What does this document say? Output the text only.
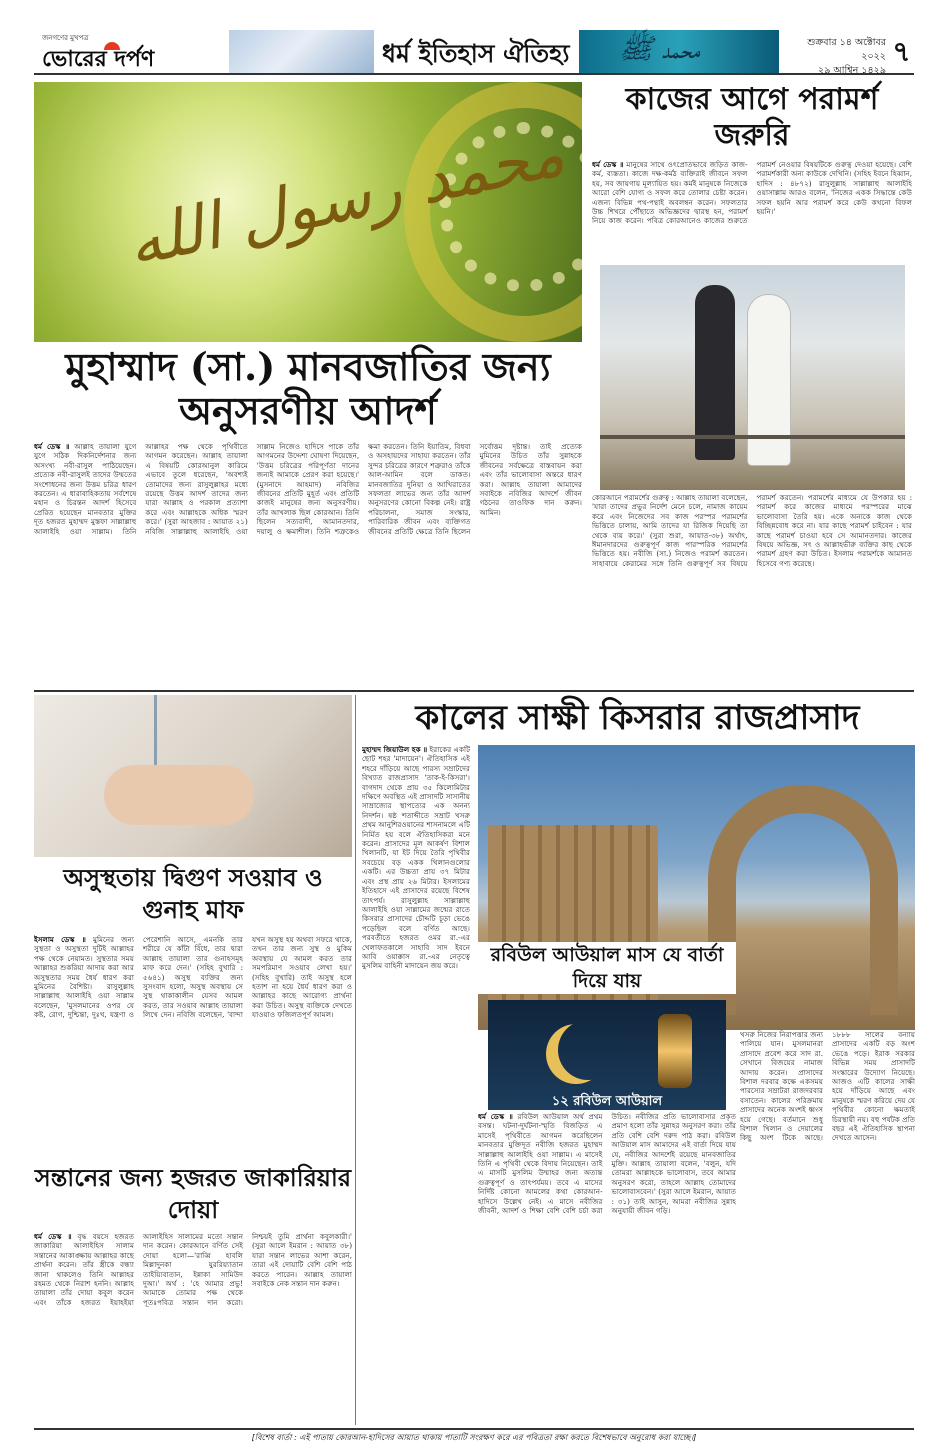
জনগণের মুখপত্র
ভোরের দর্পণ	ধর্ম ইতিহাস ঐতিহ্য محمد ﷺ	শুক্রবার ১৪ অক্টোবর ২০২২
২৯ আশ্বিন ১৪২৯
৭
محمد رسول الله
মুহাম্মাদ (সা.) মানবজাতির জন্য অনুসরণীয় আদর্শ
ধর্ম ডেস্ক ॥ আল্লাহ তায়ালা যুগে যুগে সঠিক দিকনির্দেশনার জন্য অসংখ্য নবী-রাসুল পাঠিয়েছেন। প্রত্যেক নবী-রাসুলই তাদের উম্মতের সংশোধনের জন্য উত্তম চরিত্র ধারণ করতেন। এ ধারাবাহিকতায় সর্বশেষে মহান ও চিরন্তন আদর্শ হিসেবে প্রেরিত হয়েছেন মানবতার মুক্তির দূত হজরত মুহাম্মদ মুস্তফা সাল্লাল্লাহু আলাইহি ওয়া সাল্লাম। তিনি আল্লাহর পক্ষ থেকে পৃথিবীতে আগমন করেছেন। আল্লাহ তায়ালা এ বিষয়টি কোরআনুল কারিমে এভাবে তুলে ধরেছেন, 'অবশ্যই তোমাদের জন্য রাসুলুল্লাহর মধ্যে রয়েছে উত্তম আদর্শ তাদের জন্য যারা আল্লাহ ও পরকাল প্রত্যাশা করে এবং আল্লাহকে অধিক স্মরণ করে।' (সুরা আহজাব : আয়াত ২১) নবিজি সাল্লাল্লাহু আলাইহি ওয়া সাল্লাম নিজেও হাদিসে পাকে তাঁর আগমনের উদ্দেশ্য ঘোষণা দিয়েছেন, 'উত্তম চরিত্রের পরিপূর্ণতা দানের জন্যই আমাকে প্রেরণ করা হয়েছে।' (মুসনাদে আহমাদ) নবিজির জীবনের প্রতিটি মুহূর্ত এবং প্রতিটি কাজই মানুষের জন্য অনুসরণীয়। তাঁর আখলাক ছিল কোরআন। তিনি ছিলেন সত্যবাদী, আমানতদার, দয়ালু ও ক্ষমাশীল। তিনি শত্রুকেও ক্ষমা করতেন। তিনি ইয়াতিম, বিধবা ও অসহায়দের সাহায্য করতেন। তাঁর সুন্দর চরিত্রের কারণে শত্রুরাও তাঁকে আল-আমিন বলে ডাকত। মানবজাতির দুনিয়া ও আখিরাতের সফলতা লাভের জন্য তাঁর আদর্শ অনুসরণের কোনো বিকল্প নেই। রাষ্ট্র পরিচালনা, সমাজ সংস্কার, পারিবারিক জীবন এবং ব্যক্তিগত জীবনের প্রতিটি ক্ষেত্রে তিনি ছিলেন সর্বোত্তম দৃষ্টান্ত। তাই প্রত্যেক মুমিনের উচিত তাঁর সুন্নাহকে জীবনের সর্বক্ষেত্রে বাস্তবায়ন করা এবং তাঁর ভালোবাসা অন্তরে ধারণ করা। আল্লাহ তায়ালা আমাদের সবাইকে নবিজির আদর্শে জীবন গঠনের তাওফিক দান করুন। আমিন।
কাজের আগে পরামর্শ জরুরি
ধর্ম ডেস্ক ॥ মানুষের সাথে ওৎপ্রোতভাবে জড়িত কাজ-কর্ম, ব্যস্ততা। কাজে দক্ষ-কর্মঠ ব্যক্তিরাই জীবনে সফল হয়, সব জায়গায় মূল্যায়িত হয়। কর্মই মানুষকে নিজেকে আরো বেশি যোগ্য ও সফল করে তোলার চেষ্টা করেন। এজন্য বিভিন্ন পথ-পন্থাই অবলম্বন করেন। সফলতার উচ্চ শিখরে পৌঁছাতে অভিজ্ঞদের দ্বারস্থ হন, পরামর্শ নিয়ে কাজ করেন। পবিত্র কোরআনেও কাজের শুরুতে পরামর্শ নেওয়ার বিষয়টিকে গুরুত্ব দেওয়া হয়েছে। বেশি পরামর্শকারী অন্য কাউকে দেখিনি। (সহিহ ইবনে হিব্বান, হাদিস : ৪৮৭২) রাসুলুল্লাহ সাল্লাল্লাহু আলাইহি ওয়াসাল্লাম আরও বলেন, 'নিজের একক সিদ্ধান্তে কেউ সফল হয়নি আর পরামর্শ করে কেউ কখনো বিফল হয়নি।'
কোরআনে পরামর্শের গুরুত্ব : আল্লাহ তায়ালা বলেছেন, 'যারা তাদের প্রভুর নির্দেশ মেনে চলে, নামাজ কায়েম করে এবং নিজেদের সব কাজ পরস্পর পরামর্শের ভিত্তিতে চালায়, আমি তাদের যা রিজিক দিয়েছি তা থেকে ব্যয় করে।' (সুরা শুরা, আয়াত-৩৮) অর্থাৎ, ঈমানদারদের গুরুত্বপূর্ণ কাজ পারস্পরিক পরামর্শের ভিত্তিতে হয়। নবীজি (সা.) নিজেও পরামর্শ করতেন। সাহাবায়ে কেরামের সঙ্গে তিনি গুরুত্বপূর্ণ সব বিষয়ে পরামর্শ করতেন। পরামর্শের মাধ্যমে যে উপকার হয় : পরামর্শ করে কাজের মাধ্যমে পরস্পরের মাঝে ভালোবাসা তৈরি হয়। একে অন্যকে কাজ থেকে বিচ্ছিন্নবোধ করে না। যার কাছে পরামর্শ চাইবেন : যার কাছে পরামর্শ চাওয়া হবে সে আমানতদার। কাজের বিষয়ে অভিজ্ঞ, সৎ ও আল্লাহভীরু ব্যক্তির কাছ থেকে পরামর্শ গ্রহণ করা উচিত। ইসলাম পরামর্শকে আমানত হিসেবে গণ্য করেছে।
অসুস্থতায় দ্বিগুণ সওয়াব ও গুনাহ মাফ
ইসলাম ডেস্ক ॥ মুমিনের জন্য সুস্থতা ও অসুস্থতা দুটিই আল্লাহর পক্ষ থেকে নেয়ামত। সুস্থতার সময় আল্লাহর শুকরিয়া আদায় করা আর অসুস্থতার সময় ধৈর্য ধারণ করা মুমিনের বৈশিষ্ট্য। রাসুলুল্লাহ সাল্লাল্লাহু আলাইহি ওয়া সাল্লাম বলেছেন, 'মুসলমানের ওপর যে কষ্ট, রোগ, দুশ্চিন্তা, দুঃখ, যন্ত্রণা ও পেরেশানি আসে, এমনকি তার শরীরে যে কাঁটা বিঁধে, তার দ্বারা আল্লাহ তায়ালা তার গুনাহসমূহ মাফ করে দেন।' (সহিহ বুখারি : ৫৬৪১) অসুস্থ ব্যক্তির জন্য সুসংবাদ হলো, অসুস্থ অবস্থায় সে সুস্থ থাকাকালীন যেসব আমল করত, তার সওয়াব আল্লাহ তায়ালা লিখে দেন। নবিজি বলেছেন, 'বান্দা যখন অসুস্থ হয় অথবা সফরে থাকে, তখন তার জন্য সুস্থ ও মুকিম অবস্থায় যে আমল করত তার সমপরিমাণ সওয়াব লেখা হয়।' (সহিহ বুখারি) তাই অসুস্থ হলে হতাশ না হয়ে ধৈর্য ধারণ করা ও আল্লাহর কাছে আরোগ্য প্রার্থনা করা উচিত। অসুস্থ ব্যক্তিকে দেখতে যাওয়াও ফজিলতপূর্ণ আমল।
সন্তানের জন্য হজরত জাকারিয়ার দোয়া
ধর্ম ডেস্ক ॥ বৃদ্ধ বয়সে হজরত জাকারিয়া আলাইহিস সালাম সন্তানের আকাঙ্ক্ষায় আল্লাহর কাছে প্রার্থনা করেন। তাঁর স্ত্রীকে বন্ধ্যা জানা থাকলেও তিনি আল্লাহর রহমত থেকে নিরাশ হননি। আল্লাহ তায়ালা তাঁর দোয়া কবুল করেন এবং তাঁকে হজরত ইয়াহইয়া আলাইহিস সালামের মতো সন্তান দান করেন। কোরআনে বর্ণিত সেই দোয়া হলো—'রাব্বি হাবলি মিল্লাদুনকা যুররিয়্যাতান তাইয়্যিবাতান, ইন্নাকা সামিউদ দুআ।' অর্থ : 'হে আমার প্রভু! আমাকে তোমার পক্ষ থেকে পূতঃপবিত্র সন্তান দান করো। নিশ্চয়ই তুমি প্রার্থনা কবুলকারী।' (সুরা আলে ইমরান : আয়াত ৩৮) যারা সন্তান লাভের আশা করেন, তারা এই দোয়াটি বেশি বেশি পাঠ করতে পারেন। আল্লাহ তায়ালা সবাইকে নেক সন্তান দান করুন।
কালের সাক্ষী কিসরার রাজপ্রাসাদ
মুহাম্মদ জিয়াউল হক ॥ ইরাকের একটি ছোট শহর 'মাদায়েন'। ঐতিহাসিক এই শহরে দাঁড়িয়ে আছে পারস্য সম্রাটদের বিখ্যাত রাজপ্রাসাদ 'তাক-ই-কিসরা'। বাগদাদ থেকে প্রায় ৩৫ কিলোমিটার দক্ষিণে অবস্থিত এই প্রাসাদটি সাসানীয় সাম্রাজ্যের স্থাপত্যের এক অনন্য নিদর্শন। ষষ্ঠ শতাব্দীতে সম্রাট খসরু প্রথম আনুশিরওয়ানের শাসনামলে এটি নির্মিত হয় বলে ঐতিহাসিকরা মনে করেন। প্রাসাদের মূল আকর্ষণ বিশাল খিলানটি, যা ইট দিয়ে তৈরি পৃথিবীর সবচেয়ে বড় একক খিলানগুলোর একটি। এর উচ্চতা প্রায় ৩৭ মিটার এবং প্রস্থ প্রায় ২৬ মিটার। ইসলামের ইতিহাসে এই প্রাসাদের রয়েছে বিশেষ তাৎপর্য। রাসুলুল্লাহ সাল্লাল্লাহু আলাইহি ওয়া সাল্লামের জন্মের রাতে কিসরার প্রাসাদের চৌদ্দটি চূড়া ভেঙে পড়েছিল বলে বর্ণিত আছে। পরবর্তীতে হজরত ওমর রা.-এর খেলাফতকালে সাহাবি সাদ ইবনে আবি ওয়াক্কাস রা.-এর নেতৃত্বে মুসলিম বাহিনী মাদায়েন জয় করে।
খসরু নিজের নিরাপত্তার জন্য পালিয়ে যান। মুসলমানরা প্রাসাদে প্রবেশ করে সাদ রা. সেখানে বিজয়ের নামাজ আদায় করেন। প্রাসাদের বিশাল দরবার কক্ষে একসময় পারস্যের সম্রাটরা রাজদরবার বসাতেন। কালের পরিক্রমায় প্রাসাদের অনেক অংশই ধ্বংস হয়ে গেছে। বর্তমানে শুধু বিশাল খিলান ও দেয়ালের কিছু অংশ টিকে আছে। ১৮৮৮ সালের বন্যায় প্রাসাদের একটি বড় অংশ ভেঙে পড়ে। ইরাক সরকার বিভিন্ন সময় প্রাসাদটি সংস্কারের উদ্যোগ নিয়েছে। আজও এটি কালের সাক্ষী হয়ে দাঁড়িয়ে আছে এবং মানুষকে স্মরণ করিয়ে দেয় যে পৃথিবীর কোনো ক্ষমতাই চিরস্থায়ী নয়। বহু পর্যটক প্রতি বছর এই ঐতিহাসিক স্থাপনা দেখতে আসেন।
রবিউল আউয়াল মাস যে বার্তা দিয়ে যায়
১২ রবিউল আউয়াল
ধর্ম ডেস্ক ॥ রবিউল আউয়াল অর্থ প্রথম বসন্ত। ঘটনা-দুর্ঘটনা-স্মৃতি বিজড়িত এ মাসেই পৃথিবীতে আগমন করেছিলেন মানবতার মুক্তিদূত নবীজি হজরত মুহাম্মদ সাল্লাল্লাহু আলাইহি ওয়া সাল্লাম। এ মাসেই তিনি এ পৃথিবী থেকে বিদায় নিয়েছেন। তাই এ মাসটি মুসলিম উম্মাহর জন্য অত্যন্ত গুরুত্বপূর্ণ ও তাৎপর্যময়। তবে এ মাসের নির্দিষ্ট কোনো আমলের কথা কোরআন-হাদিসে উল্লেখ নেই। এ মাসে নবীজির জীবনী, আদর্শ ও শিক্ষা বেশি বেশি চর্চা করা উচিত। নবীজির প্রতি ভালোবাসার প্রকৃত প্রমাণ হলো তাঁর সুন্নাহর অনুসরণ করা। তাঁর প্রতি বেশি বেশি দরুদ পাঠ করা। রবিউল আউয়াল মাস আমাদের এই বার্তা দিয়ে যায় যে, নবীজির আদর্শেই রয়েছে মানবজাতির মুক্তি। আল্লাহ তায়ালা বলেন, 'বলুন, যদি তোমরা আল্লাহকে ভালোবাস, তবে আমার অনুসরণ করো, তাহলে আল্লাহ তোমাদের ভালোবাসবেন।' (সুরা আলে ইমরান, আয়াত : ৩১) তাই আসুন, আমরা নবীজির সুন্নাহ অনুযায়ী জীবন গড়ি।
[বিশেষ বার্তা : এই পাতায় কোরআন-হাদিসের আয়াত থাকায় পাতাটি সংরক্ষণ করে এর পবিত্রতা রক্ষা করতে বিশেষভাবে অনুরোধ করা যাচ্ছে।]
